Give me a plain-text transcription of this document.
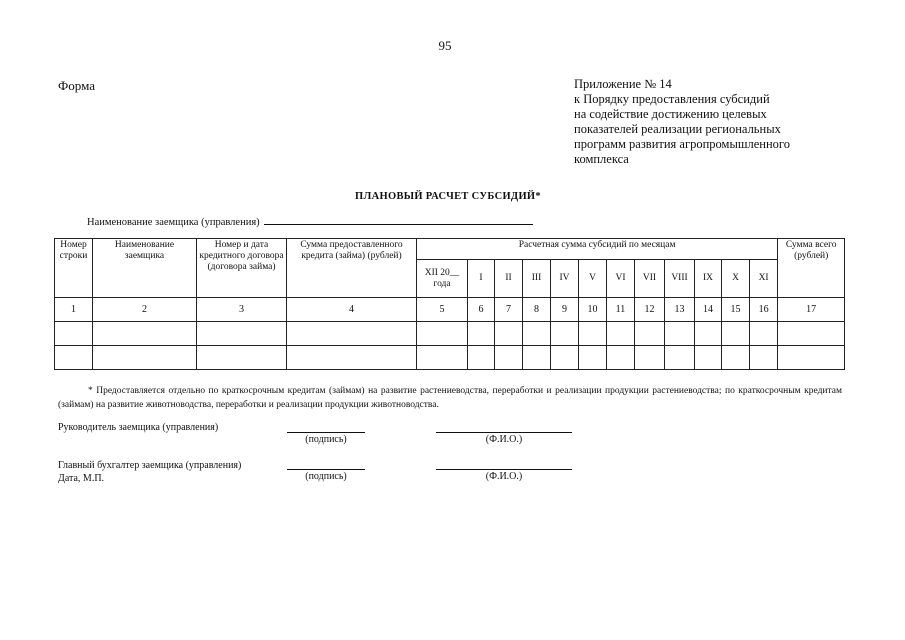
95
Форма	Приложение № 14
к Порядку предоставления субсидий
на содействие достижению целевых
показателей реализации региональных
программ развития агропромышленного
комплекса
ПЛАНОВЫЙ РАСЧЕТ СУБСИДИЙ*
Наименование заемщика (управления)
Номер строки	Наименование заемщика	Номер и дата кредитного договора (договора займа)	Сумма предоставленного кредита (займа) (рублей)	Расчетная сумма субсидий по месяцам												Сумма всего (рублей)
				XII 20__ года	I	II	III	IV	V	VI	VII	VIII	IX	X	XI	
1	2	3	4	5	6	7	8	9	10	11	12	13	14	15	16	17

* Предоставляется отдельно по краткосрочным кредитам (займам) на развитие растениеводства, переработки и реализации продукции растениеводства; по краткосрочным кредитам (займам) на развитие животноводства, переработки и реализации продукции животноводства.
Руководитель заемщика (управления)
(подпись)	(Ф.И.О.)
Главный бухгалтер заемщика (управления)
Дата, М.П.	(подпись)	(Ф.И.О.)
